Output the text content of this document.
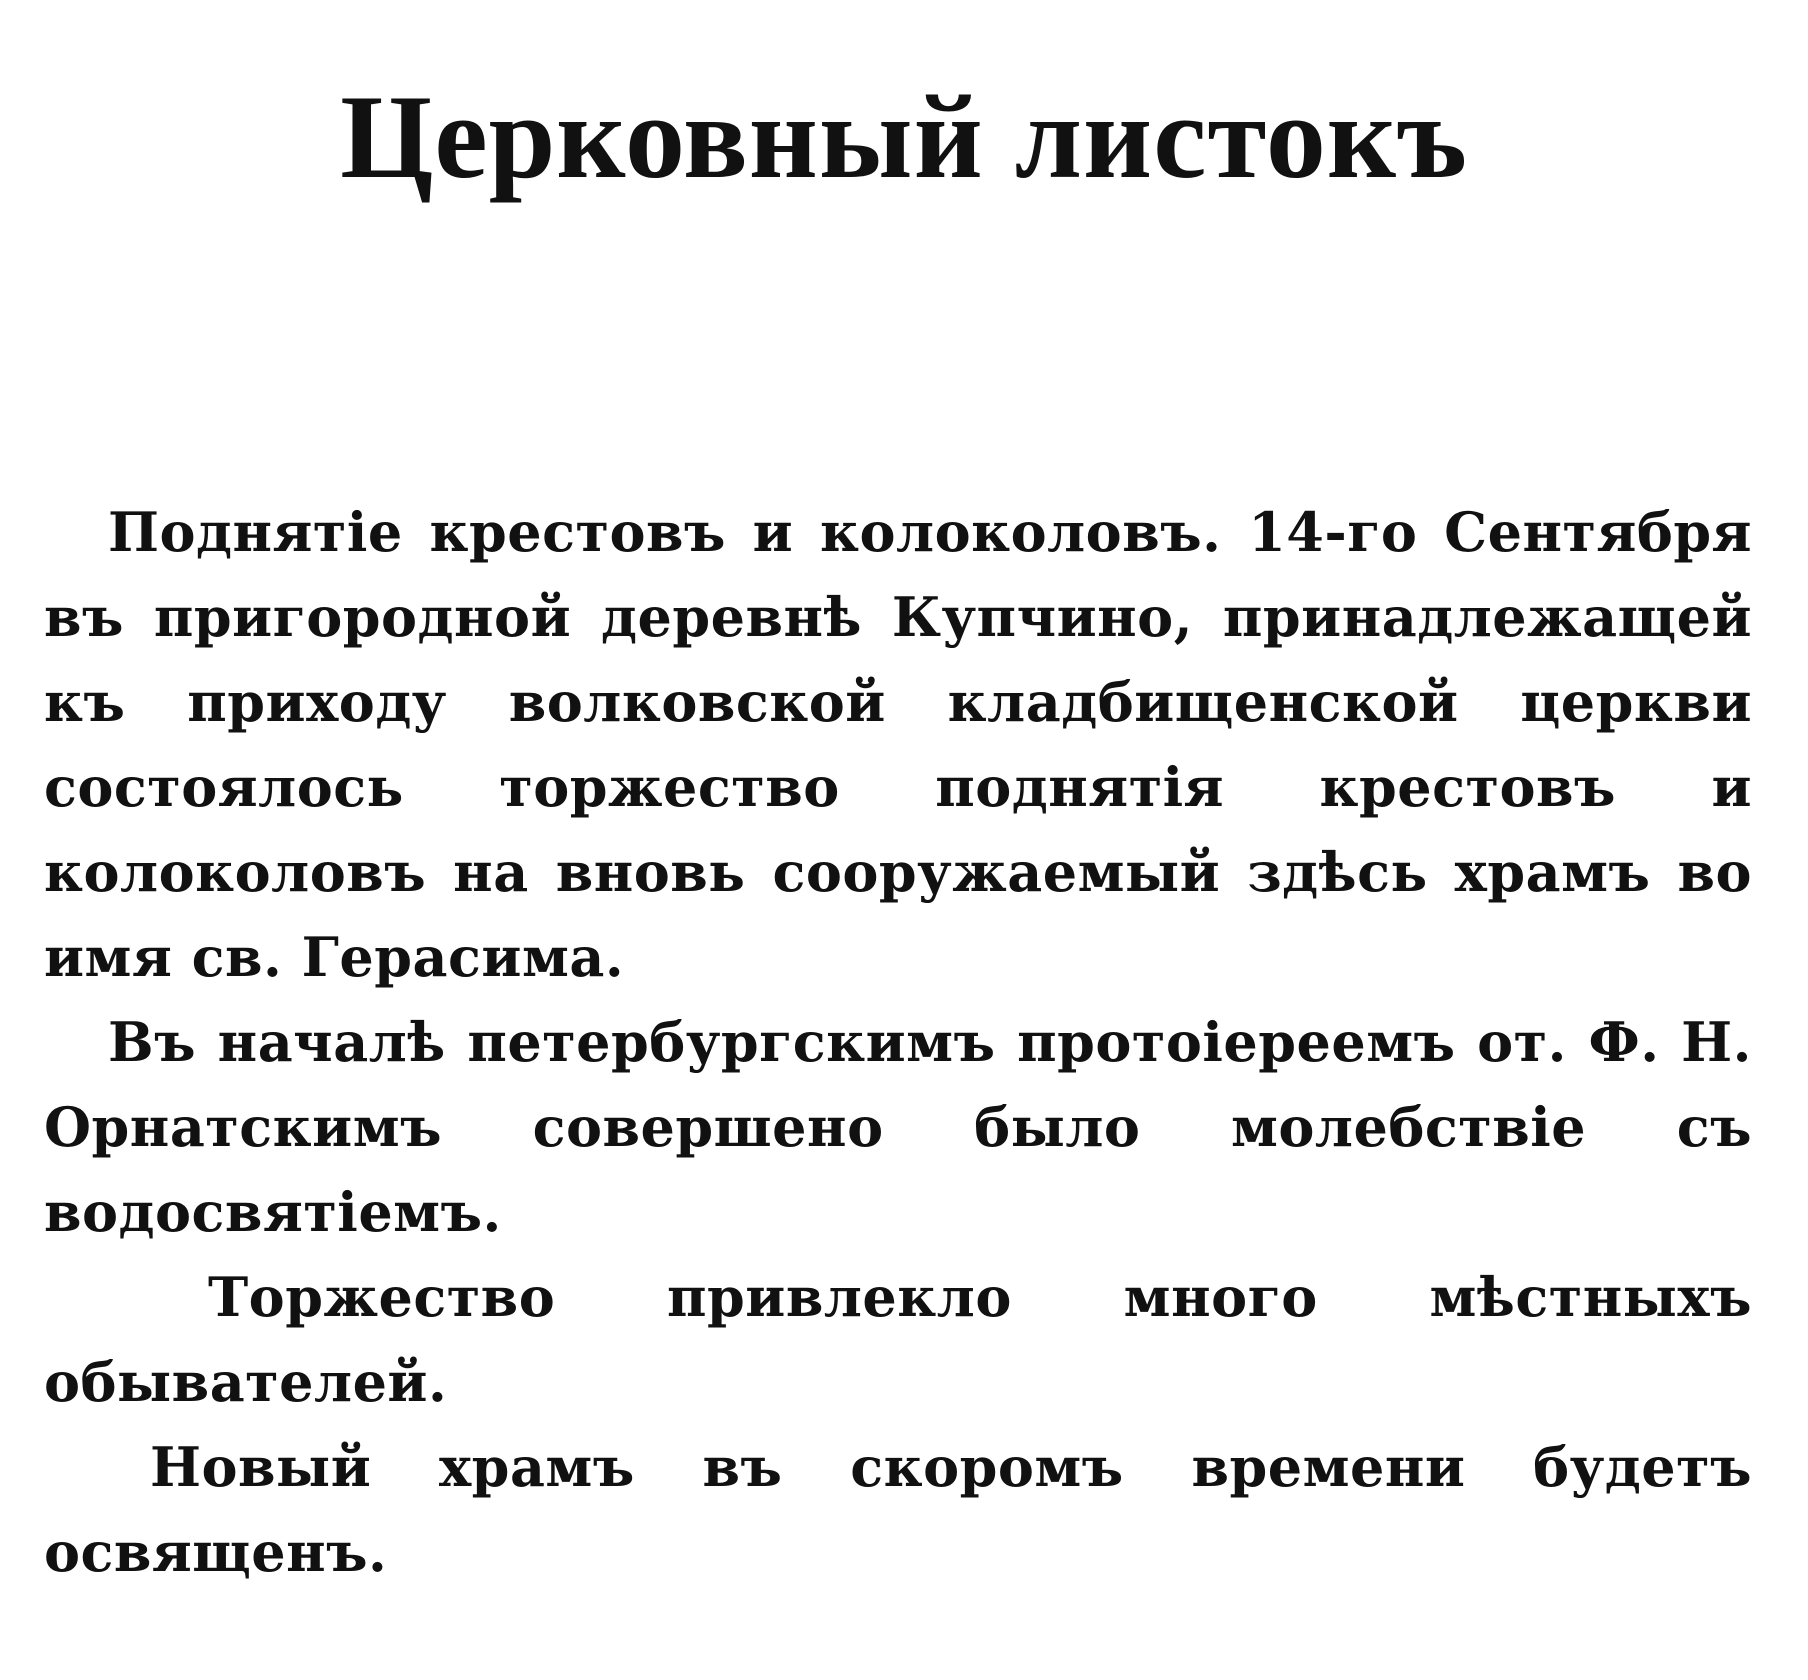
Церковный листокъ

Поднятіе крестовъ и колоколовъ. 14-го Сентября въ пригородной деревнѣ Купчино, принадлежащей къ приходу волковской кладбищенской церкви состоялось торжество поднятія крестовъ и колоколовъ на вновь сооружаемый здѣсь храмъ во имя св. Герасима.

Въ началѣ петербургскимъ протоіереемъ от. Ф. Н. Орнатскимъ совершено было молебствіе съ водосвятіемъ.

Торжество привлекло много мѣстныхъ обывателей.

Новый храмъ въ скоромъ времени будетъ освященъ.
